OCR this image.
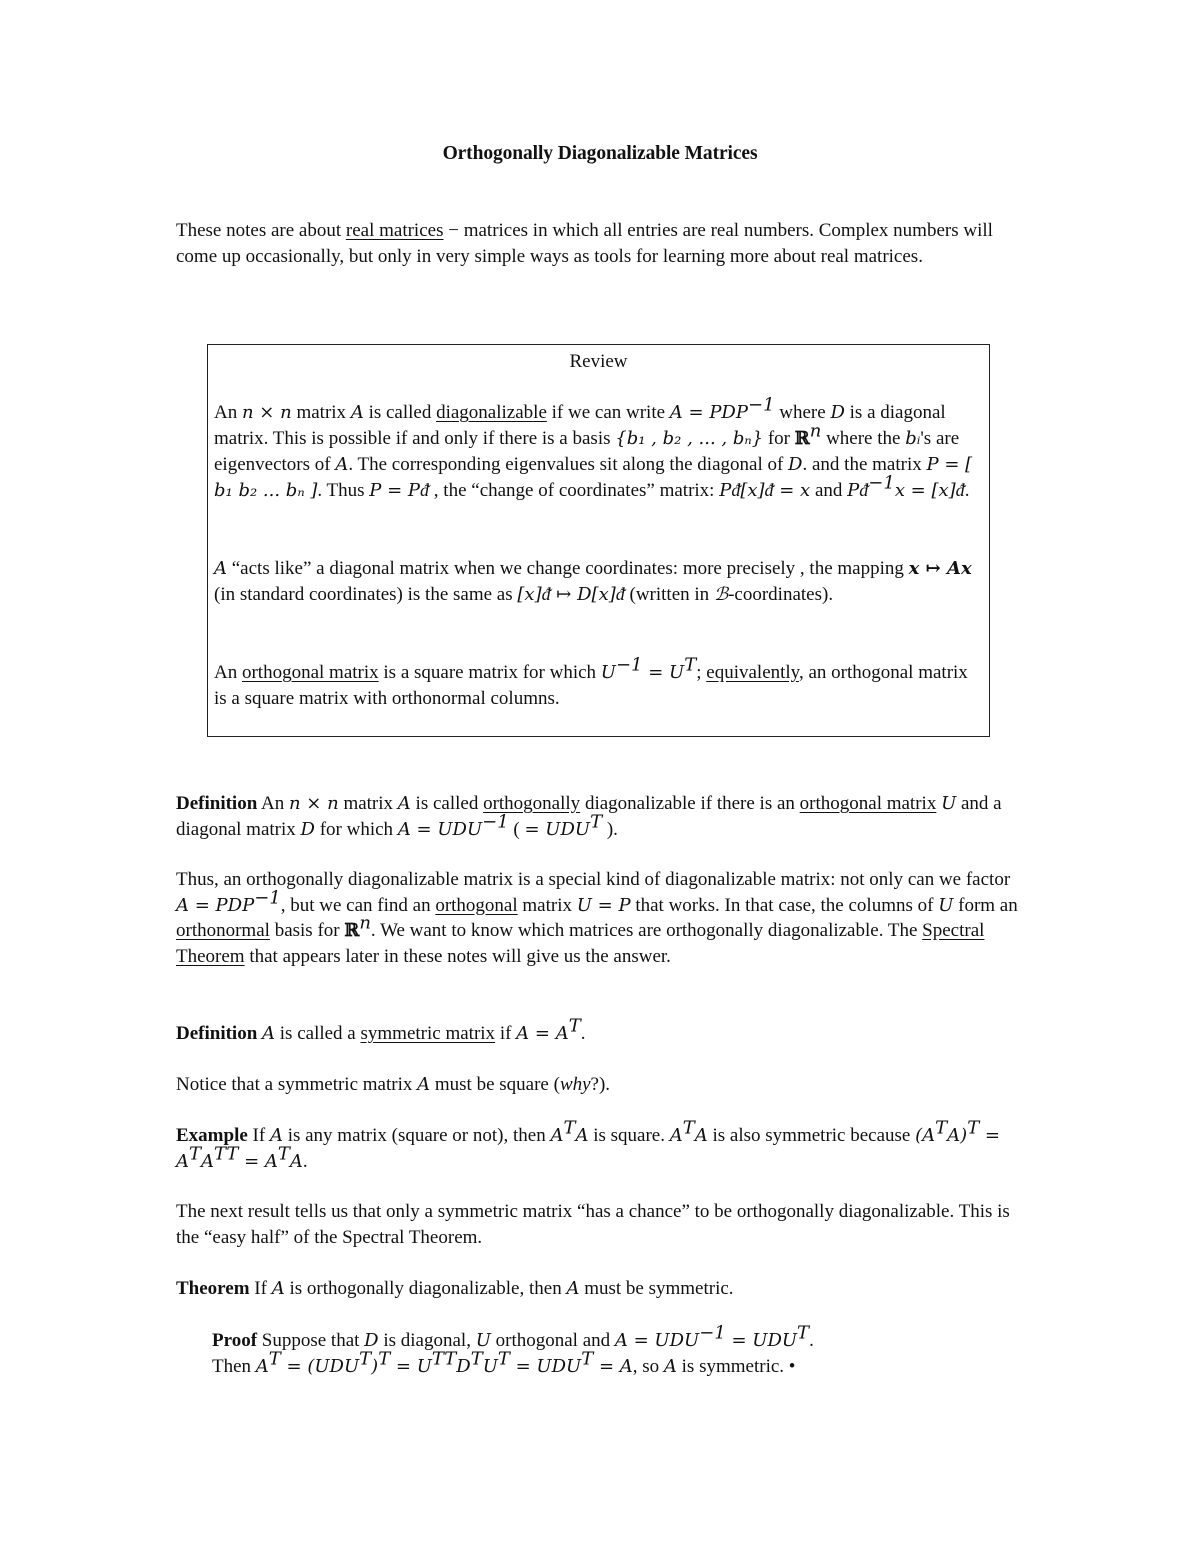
Orthogonally Diagonalizable Matrices

These notes are about real matrices − matrices in which all entries are real numbers. Complex numbers will come up occasionally, but only in very simple ways as tools for learning more about real matrices.

Review

An n × n matrix A is called diagonalizable if we can write $A = PDP^{-1}$ where D is a diagonal matrix. This is possible if and only if there is a basis {b₁ , b₂ , ... , bₙ} for ℝ$^n$ where the bᵢ's are eigenvectors of A. The corresponding eigenvalues sit along the diagonal of D. and the matrix P = [ b₁ b₂ ... bₙ ]. Thus P = Pᵭ , the “change of coordinates” matrix: Pᵭ[x]ᵭ = x and Pᵭ$^{-1}$x = [x]ᵭ.

A “acts like” a diagonal matrix when we change coordinates: more precisely , the mapping x ↦ Ax (in standard coordinates) is the same as [x]ᵭ ↦ D[x]ᵭ (written in ℬ-coordinates).

An orthogonal matrix is a square matrix for which $U^{-1} = U^T$; equivalently, an orthogonal matrix is a square matrix with orthonormal columns.

Definition An n × n matrix A is called orthogonally diagonalizable if there is an orthogonal matrix U and a diagonal matrix D for which $A = UDU^{-1}$ ( = $UDU^T$ ).

Thus, an orthogonally diagonalizable matrix is a special kind of diagonalizable matrix: not only can we factor $A = PDP^{-1}$, but we can find an orthogonal matrix U = P that works. In that case, the columns of U form an orthonormal basis for ℝ$^n$. We want to know which matrices are orthogonally diagonalizable. The Spectral Theorem that appears later in these notes will give us the answer.

Definition A is called a symmetric matrix if $A = A^T$.

Notice that a symmetric matrix A must be square (why?).

Example If A is any matrix (square or not), then $A^TA$ is square. $A^TA$ is also symmetric because $(A^TA)^T = A^TA^{TT} = A^TA$.

The next result tells us that only a symmetric matrix “has a chance” to be orthogonally diagonalizable. This is the “easy half” of the Spectral Theorem.

Theorem If A is orthogonally diagonalizable, then A must be symmetric.

Proof Suppose that D is diagonal, U orthogonal and $A = UDU^{-1} = UDU^T$.

Then $A^T = (UDU^T)^T = U^{TT}D^TU^T = UDU^T = A$, so A is symmetric. •
